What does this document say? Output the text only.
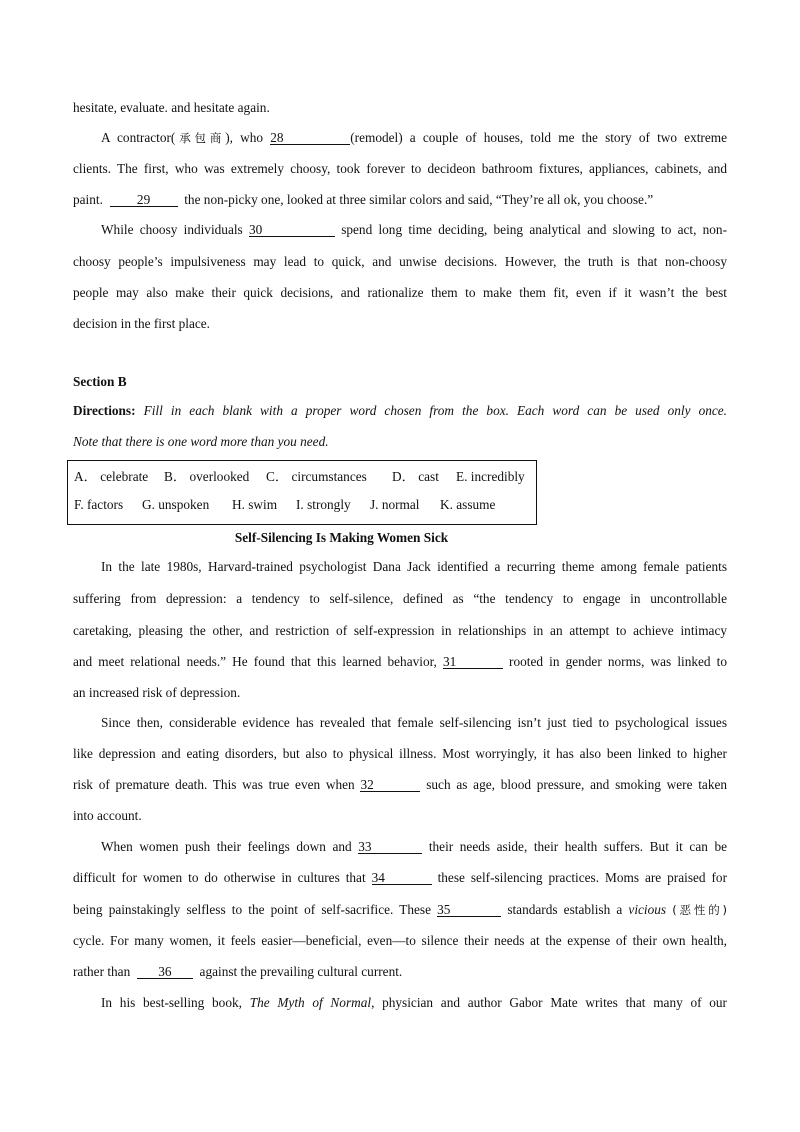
hesitate, evaluate. and hesitate again.
A contractor(承包商), who 28	(remodel) a couple of houses, told me the story of two extreme
clients. The first, who was extremely choosy, took forever to decideon bathroom fixtures, appliances, cabinets, and
paint.	29	the non-picky one, looked at three similar colors and said, “They’re all ok, you choose.”
While choosy individuals 30	spend long time deciding, being analytical and slowing to act, non-
choosy people’s impulsiveness may lead to quick, and unwise decisions. However, the truth is that non-choosy
people may also make their quick decisions, and rationalize them to make them fit, even if it wasn’t the best
decision in the first place.
Section B
Directions: Fill in each blank with a proper word chosen from the box. Each word can be used only once.
Note that there is one word more than you need.
A． celebrate B． overlooked C． circumstances D． cast E. incredibly
F. factors G. unspoken H. swim I. strongly J. normal K. assume
Self-Silencing Is Making Women Sick
In the late 1980s, Harvard-trained psychologist Dana Jack identified a recurring theme among female patients
suffering from depression: a tendency to self-silence, defined as “the tendency to engage in uncontrollable
caretaking, pleasing the other, and restriction of self-expression in relationships in an attempt to achieve intimacy
and meet relational needs.” He found that this learned behavior, 31	rooted in gender norms, was linked to
an increased risk of depression.
Since then, considerable evidence has revealed that female self-silencing isn’t just tied to psychological issues
like depression and eating disorders, but also to physical illness. Most worryingly, it has also been linked to higher
risk of premature death. This was true even when 32	such as age, blood pressure, and smoking were taken
into account.
When women push their feelings down and 33	their needs aside, their health suffers. But it can be
difficult for women to do otherwise in cultures that 34	these self-silencing practices. Moms are praised for
being painstakingly selfless to the point of self-sacrifice. These 35	standards establish a vicious (恶性的)
cycle. For many women, it feels easier—beneficial, even—to silence their needs at the expense of their own health,
rather than 36 against the prevailing cultural current.
In his best-selling book, The Myth of Normal, physician and author Gabor Mate writes that many of our
